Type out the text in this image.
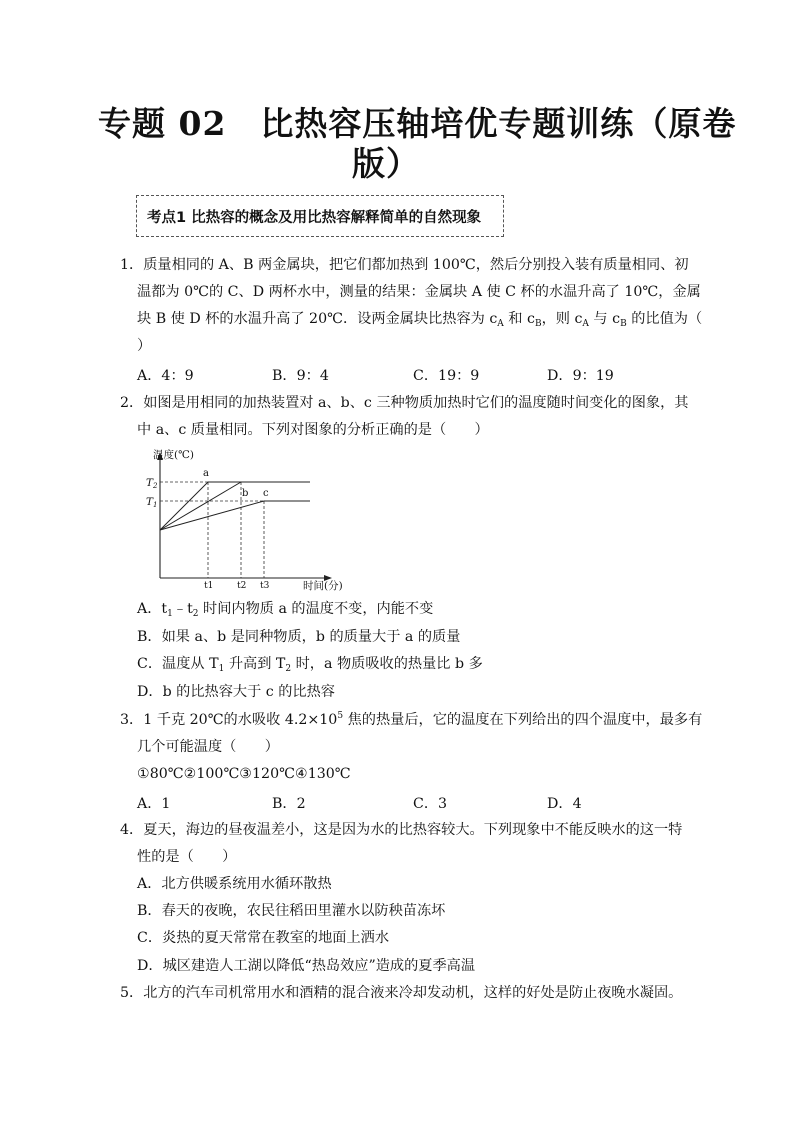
专题 02　比热容压轴培优专题训练（原卷
版）
考点1 比热容的概念及用比热容解释简单的自然现象
1．质量相同的 A、B 两金属块，把它们都加热到 100℃，然后分别投入装有质量相同、初
温都为 0℃的 C、D 两杯水中，测量的结果：金属块 A 使 C 杯的水温升高了 10℃，金属
块 B 使 D 杯的水温升高了 20℃．设两金属块比热容为 $c_A$ 和 $c_B$，则 $c_A$ 与 $c_B$ 的比值为（
）
A．4：9	B．9：4	C．19：9	D．9：19
2．如图是用相同的加热装置对 a、b、c 三种物质加热时它们的温度随时间变化的图象，其
中 a、c 质量相同。下列对图象的分析正确的是（　　）
温度(℃)
时间(分)
a
b c
T2
T1
t1	t2 t3
A．$t_1﹣t_2$ 时间内物质 a 的温度不变，内能不变
B．如果 a、b 是同种物质，b 的质量大于 a 的质量
C．温度从 $T_1$ 升高到 $T_2$ 时，a 物质吸收的热量比 b 多
D．b 的比热容大于 c 的比热容
3．1 千克 20℃的水吸收 $4.2\times 10^5$ 焦的热量后，它的温度在下列给出的四个温度中，最多有
几个可能温度（　　）
①80℃②100℃③120℃④130℃
A．1	B．2	C．3	D．4
4．夏天，海边的昼夜温差小，这是因为水的比热容较大。下列现象中不能反映水的这一特
性的是（　　）
A．北方供暖系统用水循环散热
B．春天的夜晚，农民往稻田里灌水以防秧苗冻坏
C．炎热的夏天常常在教室的地面上洒水
D．城区建造人工湖以降低“热岛效应”造成的夏季高温
5．北方的汽车司机常用水和酒精的混合液来冷却发动机，这样的好处是防止夜晚水凝固。
